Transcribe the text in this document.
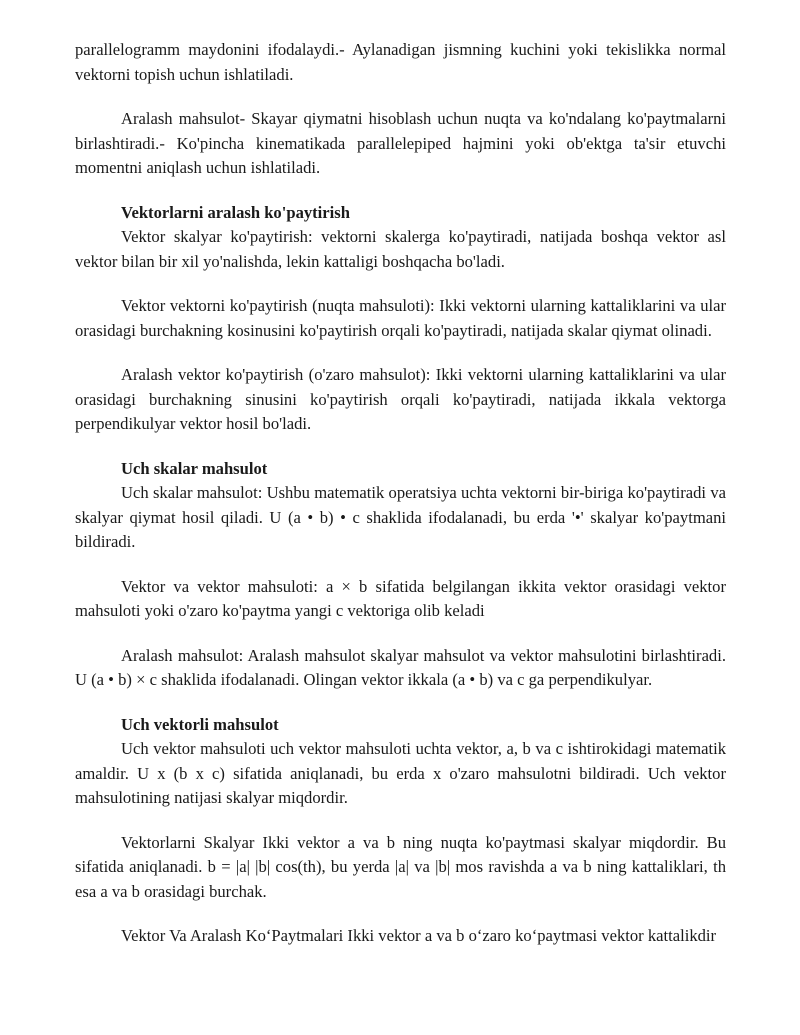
parallelogramm maydonini ifodalaydi.- Aylanadigan jismning kuchini yoki tekislikka normal vektorni topish uchun ishlatiladi.

Aralash mahsulot- Skayar qiymatni hisoblash uchun nuqta va ko'ndalang ko'paytmalarni birlashtiradi.- Ko'pincha kinematikada parallelepiped hajmini yoki ob'ektga ta'sir etuvchi momentni aniqlash uchun ishlatiladi.

Vektorlarni aralash ko'paytirish

Vektor skalyar ko'paytirish: vektorni skalerga ko'paytiradi, natijada boshqa vektor asl vektor bilan bir xil yo'nalishda, lekin kattaligi boshqacha bo'ladi.

Vektor vektorni ko'paytirish (nuqta mahsuloti): Ikki vektorni ularning kattaliklarini va ular orasidagi burchakning kosinusini ko'paytirish orqali ko'paytiradi, natijada skalar qiymat olinadi.

Aralash vektor ko'paytirish (o'zaro mahsulot): Ikki vektorni ularning kattaliklarini va ular orasidagi burchakning sinusini ko'paytirish orqali ko'paytiradi, natijada ikkala vektorga perpendikulyar vektor hosil bo'ladi.

Uch skalar mahsulot

Uch skalar mahsulot: Ushbu matematik operatsiya uchta vektorni bir-biriga ko'paytiradi va skalyar qiymat hosil qiladi. U (a • b) • c shaklida ifodalanadi, bu erda '•' skalyar ko'paytmani bildiradi.

Vektor va vektor mahsuloti: a × b sifatida belgilangan ikkita vektor orasidagi vektor mahsuloti yoki o'zaro ko'paytma yangi c vektoriga olib keladi

Aralash mahsulot: Aralash mahsulot skalyar mahsulot va vektor mahsulotini birlashtiradi. U (a • b) × c shaklida ifodalanadi. Olingan vektor ikkala (a • b) va c ga perpendikulyar.

Uch vektorli mahsulot

Uch vektor mahsuloti uch vektor mahsuloti uchta vektor, a, b va c ishtirokidagi matematik amaldir. U x (b x c) sifatida aniqlanadi, bu erda x o'zaro mahsulotni bildiradi. Uch vektor mahsulotining natijasi skalyar miqdordir.

Vektorlarni Skalyar Ikki vektor a va b ning nuqta ko'paytmasi skalyar miqdordir. Bu sifatida aniqlanadi. b = |a| |b| cos(th), bu yerda |a| va |b| mos ravishda a va b ning kattaliklari, th esa a va b orasidagi burchak.

Vektor Va Aralash Ko‘Paytmalari Ikki vektor a va b o‘zaro ko‘paytmasi vektor kattalikdir
